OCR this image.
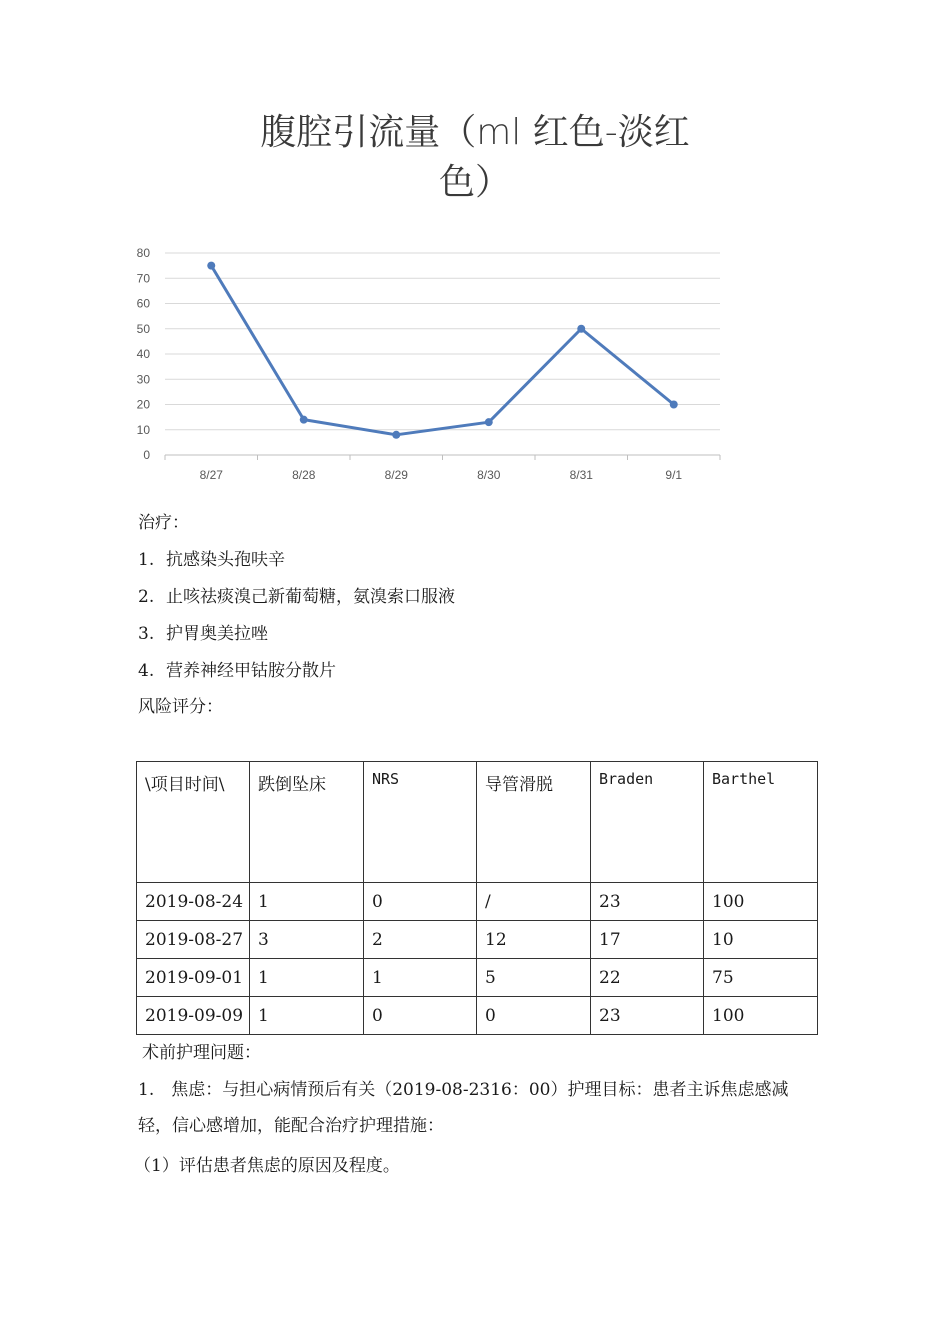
腹腔引流量（ml 红色-淡红色）
0
10
20
30
40
50
60
70
80
8/27	8/28	8/29	8/30	8/31	9/1
治疗：
1. 抗感染头孢呋辛
2. 止咳祛痰溴己新葡萄糖，氨溴索口服液
3. 护胃奥美拉唑
4. 营养神经甲钴胺分散片
风险评分：
\项目时间\	跌倒坠床	NRS	导管滑脱	Braden	Barthel
2019-08-24	1	0	/	23	100
2019-08-27	3	2	12	17	10
2019-09-01	1	1	5	22	75
2019-09-09	1	0	0	23	100
术前护理问题：
1.　焦虑：与担心病情预后有关（2019-08-2316：00）护理目标：患者主诉焦虑感减轻，信心感增加，能配合治疗护理措施：
（1）评估患者焦虑的原因及程度。
